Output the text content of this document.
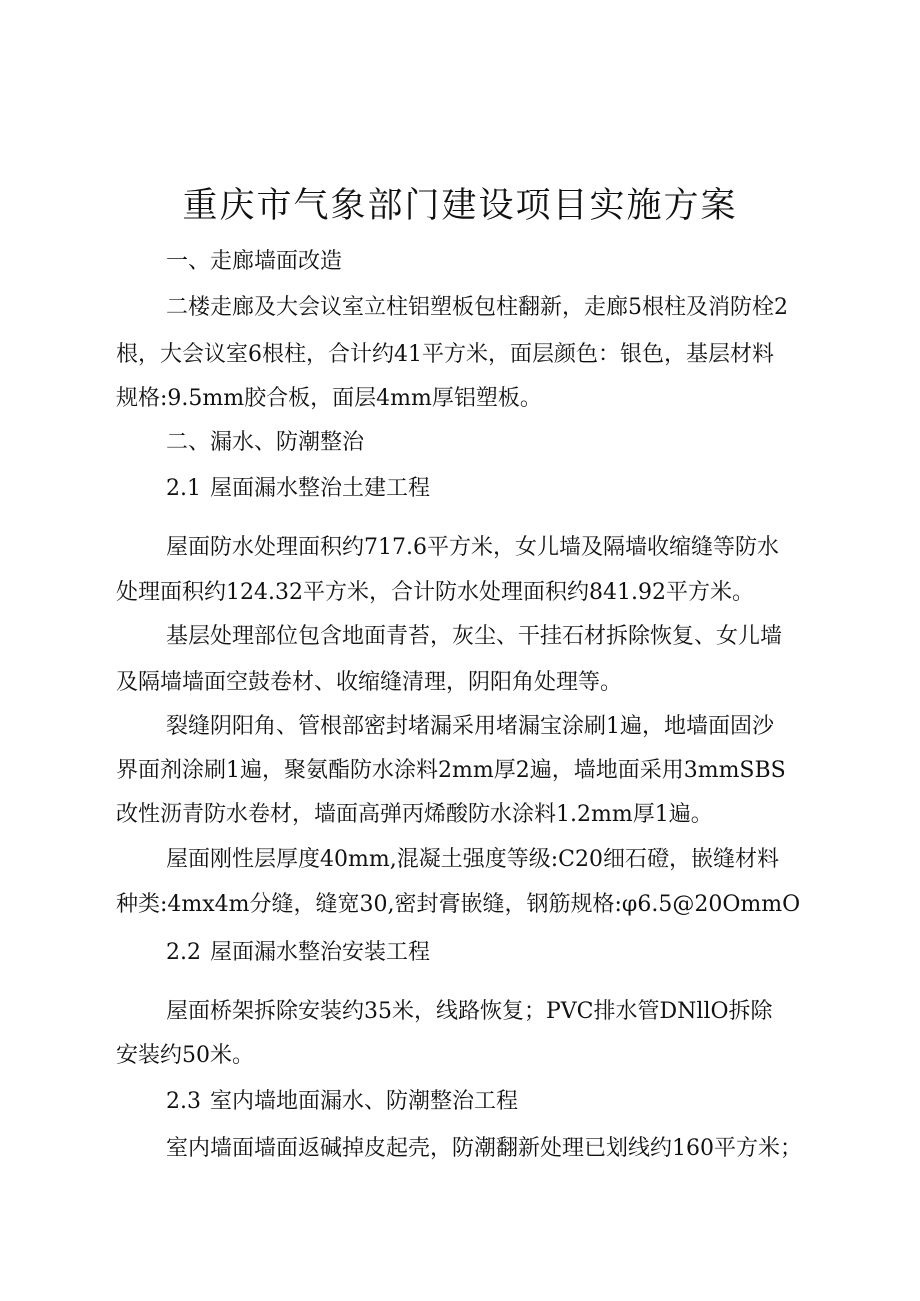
重庆市气象部门建设项目实施方案

一、走廊墙面改造

二楼走廊及大会议室立柱铝塑板包柱翻新，走廊5根柱及消防栓2

根，大会议室6根柱，合计约41平方米，面层颜色：银色，基层材料

规格:9.5mm胶合板，面层4mm厚铝塑板。

二、漏水、防潮整治

2.1 屋面漏水整治土建工程

屋面防水处理面积约717.6平方米，女儿墙及隔墙收缩缝等防水

处理面积约124.32平方米，合计防水处理面积约841.92平方米。

基层处理部位包含地面青苔，灰尘、干挂石材拆除恢复、女儿墙

及隔墙墙面空鼓卷材、收缩缝清理，阴阳角处理等。

裂缝阴阳角、管根部密封堵漏采用堵漏宝涂刷1遍，地墙面固沙

界面剂涂刷1遍，聚氨酯防水涂料2mm厚2遍，墙地面采用3mmSBS

改性沥青防水卷材，墙面高弹丙烯酸防水涂料1.2mm厚1遍。

屋面刚性层厚度40mm,混凝土强度等级:C20细石磴，嵌缝材料

种类:4mx4m分缝，缝宽30,密封膏嵌缝，钢筋规格:φ6.5@20OmmO

2.2 屋面漏水整治安装工程

屋面桥架拆除安装约35米，线路恢复；PVC排水管DNllO拆除

安装约50米。

2.3 室内墙地面漏水、防潮整治工程

室内墙面墙面返碱掉皮起壳，防潮翻新处理已划线约160平方米；
